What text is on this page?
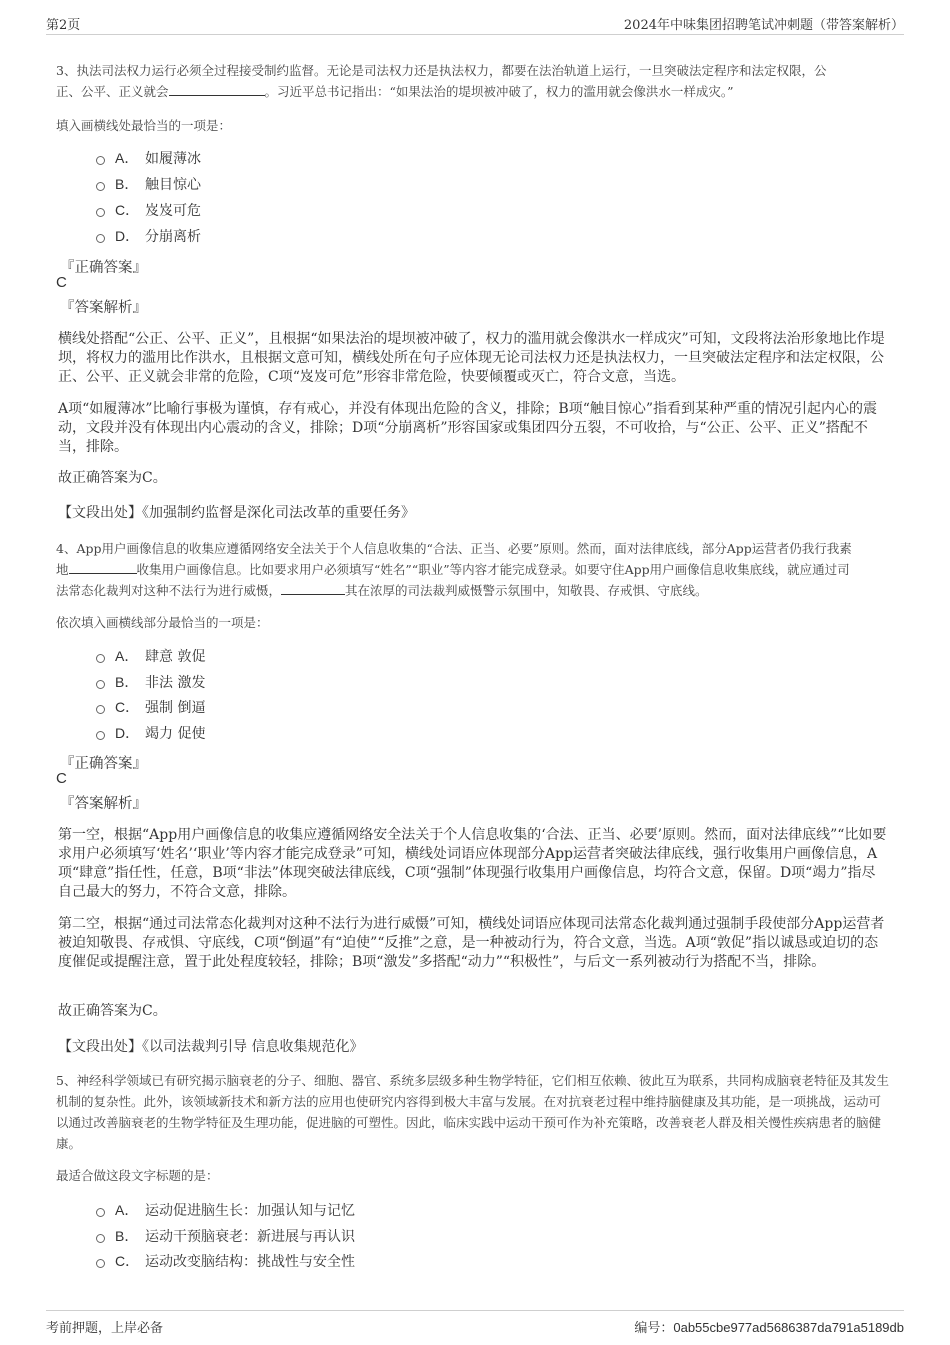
第2页	2024年中味集团招聘笔试冲刺题（带答案解析）
3、执法司法权力运行必须全过程接受制约监督。无论是司法权力还是执法权力，都要在法治轨道上运行，一旦突破法定程序和法定权限，公
正、公平、正义就会	。习近平总书记指出：“如果法治的堤坝被冲破了，权力的滥用就会像洪水一样成灾。”
填入画横线处最恰当的一项是：
A． 如履薄冰
B． 触目惊心
C． 岌岌可危
D． 分崩离析
『正确答案』
C
『答案解析』
横线处搭配“公正、公平、正义”，且根据“如果法治的堤坝被冲破了，权力的滥用就会像洪水一样成灾”可知，文段将法治形象地比作堤坝，将权力的滥用比作洪水，且根据文意可知，横线处所在句子应体现无论司法权力还是执法权力，一旦突破法定程序和法定权限，公正、公平、正义就会非常的危险，C项“岌岌可危”形容非常危险，快要倾覆或灭亡，符合文意，当选。
A项“如履薄冰”比喻行事极为谨慎，存有戒心，并没有体现出危险的含义，排除；B项“触目惊心”指看到某种严重的情况引起内心的震动，文段并没有体现出内心震动的含义，排除；D项“分崩离析”形容国家或集团四分五裂，不可收拾，与“公正、公平、正义”搭配不当，排除。
故正确答案为C。
【文段出处】《加强制约监督是深化司法改革的重要任务》
4、App用户画像信息的收集应遵循网络安全法关于个人信息收集的“合法、正当、必要”原则。然而，面对法律底线，部分App运营者仍我行我素
地	收集用户画像信息。比如要求用户必须填写“姓名”“职业”等内容才能完成登录。如要守住App用户画像信息收集底线，就应通过司
法常态化裁判对这种不法行为进行威慑，	其在浓厚的司法裁判威慑警示氛围中，知敬畏、存戒惧、守底线。
依次填入画横线部分最恰当的一项是：
A． 肆意 敦促
B． 非法 激发
C． 强制 倒逼
D． 竭力 促使
『正确答案』
C
『答案解析』
第一空，根据“App用户画像信息的收集应遵循网络安全法关于个人信息收集的‘合法、正当、必要’原则。然而，面对法律底线”“比如要求用户必须填写‘姓名’‘职业’等内容才能完成登录”可知，横线处词语应体现部分App运营者突破法律底线，强行收集用户画像信息，A项“肆意”指任性，任意，B项“非法”体现突破法律底线，C项“强制”体现强行收集用户画像信息，均符合文意，保留。D项“竭力”指尽自己最大的努力，不符合文意，排除。
第二空，根据“通过司法常态化裁判对这种不法行为进行威慑”可知，横线处词语应体现司法常态化裁判通过强制手段使部分App运营者被迫知敬畏、存戒惧、守底线，C项“倒逼”有“迫使”“反推”之意，是一种被动行为，符合文意，当选。A项“敦促”指以诚恳或迫切的态度催促或提醒注意，置于此处程度较轻，排除；B项“激发”多搭配“动力”“积极性”，与后文一系列被动行为搭配不当，排除。
故正确答案为C。
【文段出处】《以司法裁判引导 信息收集规范化》
5、神经科学领域已有研究揭示脑衰老的分子、细胞、器官、系统多层级多种生物学特征，它们相互依赖、彼此互为联系，共同构成脑衰老特征及其发生机制的复杂性。此外，该领域新技术和新方法的应用也使研究内容得到极大丰富与发展。在对抗衰老过程中维持脑健康及其功能，是一项挑战，运动可以通过改善脑衰老的生物学特征及生理功能，促进脑的可塑性。因此，临床实践中运动干预可作为补充策略，改善衰老人群及相关慢性疾病患者的脑健康。
最适合做这段文字标题的是：
A． 运动促进脑生长：加强认知与记忆
B． 运动干预脑衰老：新进展与再认识
C． 运动改变脑结构：挑战性与安全性
考前押题，上岸必备	编号：0ab55cbe977ad5686387da791a5189db
